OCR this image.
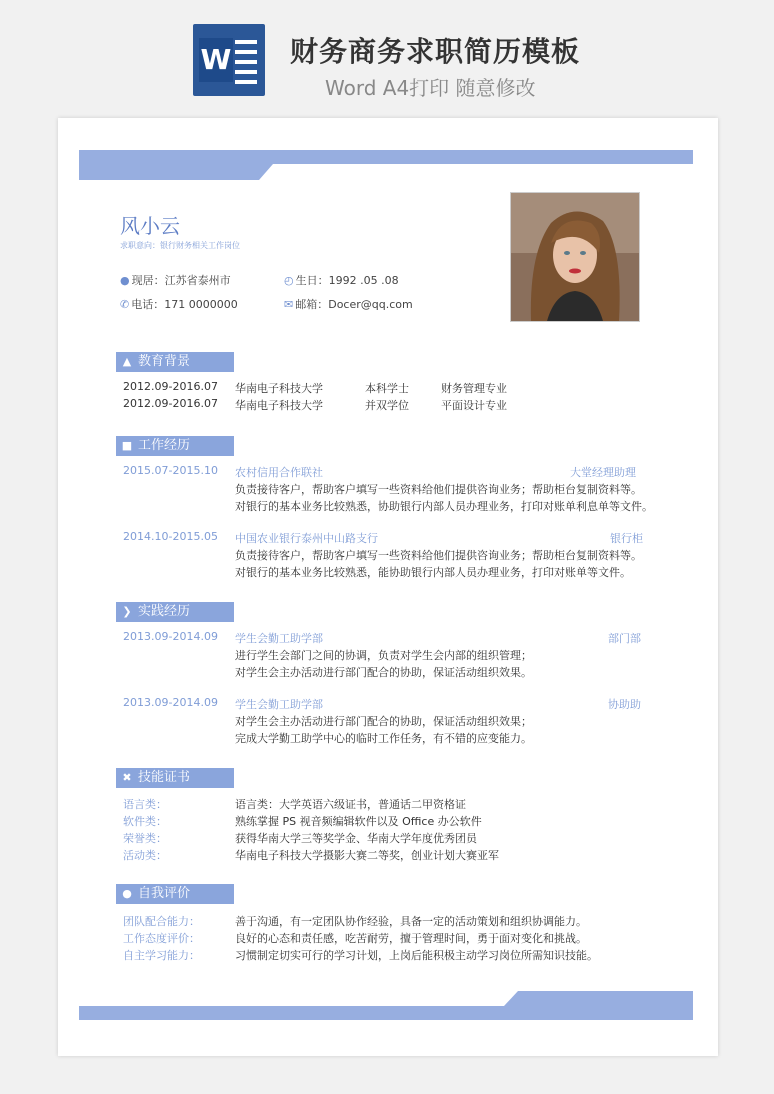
W 财务商务求职简历模板
Word A4打印 随意修改
风小云
求职意向：银行财务相关工作岗位
● 现居：江苏省泰州市	◴ 生日：1992 .05 .08
✆ 电话：171 0000000	✉ 邮箱：Docer@qq.com
▲ 教育背景
2012.09-2016.07 华南电子科技大学	本科学士	财务管理专业
2012.09-2016.07 华南电子科技大学	并双学位	平面设计专业
■ 工作经历
2015.07-2015.10 农村信用合作联社	大堂经理助理
负责接待客户，帮助客户填写一些资料给他们提供咨询业务；帮助柜台复制资料等。
对银行的基本业务比较熟悉，协助银行内部人员办理业务，打印对账单利息单等文件。
2014.10-2015.05 中国农业银行泰州中山路支行	银行柜
负责接待客户，帮助客户填写一些资料给他们提供咨询业务；帮助柜台复制资料等。
对银行的基本业务比较熟悉，能协助银行内部人员办理业务，打印对账单等文件。
❯ 实践经历
2013.09-2014.09 学生会勤工助学部	部门部
进行学生会部门之间的协调，负责对学生会内部的组织管理；
对学生会主办活动进行部门配合的协助，保证活动组织效果。
2013.09-2014.09 学生会勤工助学部	协助助
对学生会主办活动进行部门配合的协助，保证活动组织效果；
完成大学勤工助学中心的临时工作任务，有不错的应变能力。
✖ 技能证书
语言类：	语言类：大学英语六级证书，普通话二甲资格证
软件类：	熟练掌握 PS 视音频编辑软件以及 Office 办公软件
荣誉类：	获得华南大学三等奖学金、华南大学年度优秀团员
活动类：	华南电子科技大学摄影大赛二等奖，创业计划大赛亚军
● 自我评价
团队配合能力：	善于沟通，有一定团队协作经验，具备一定的活动策划和组织协调能力。
工作态度评价：	良好的心态和责任感，吃苦耐劳，擅于管理时间，勇于面对变化和挑战。
自主学习能力：	习惯制定切实可行的学习计划，上岗后能积极主动学习岗位所需知识技能。
